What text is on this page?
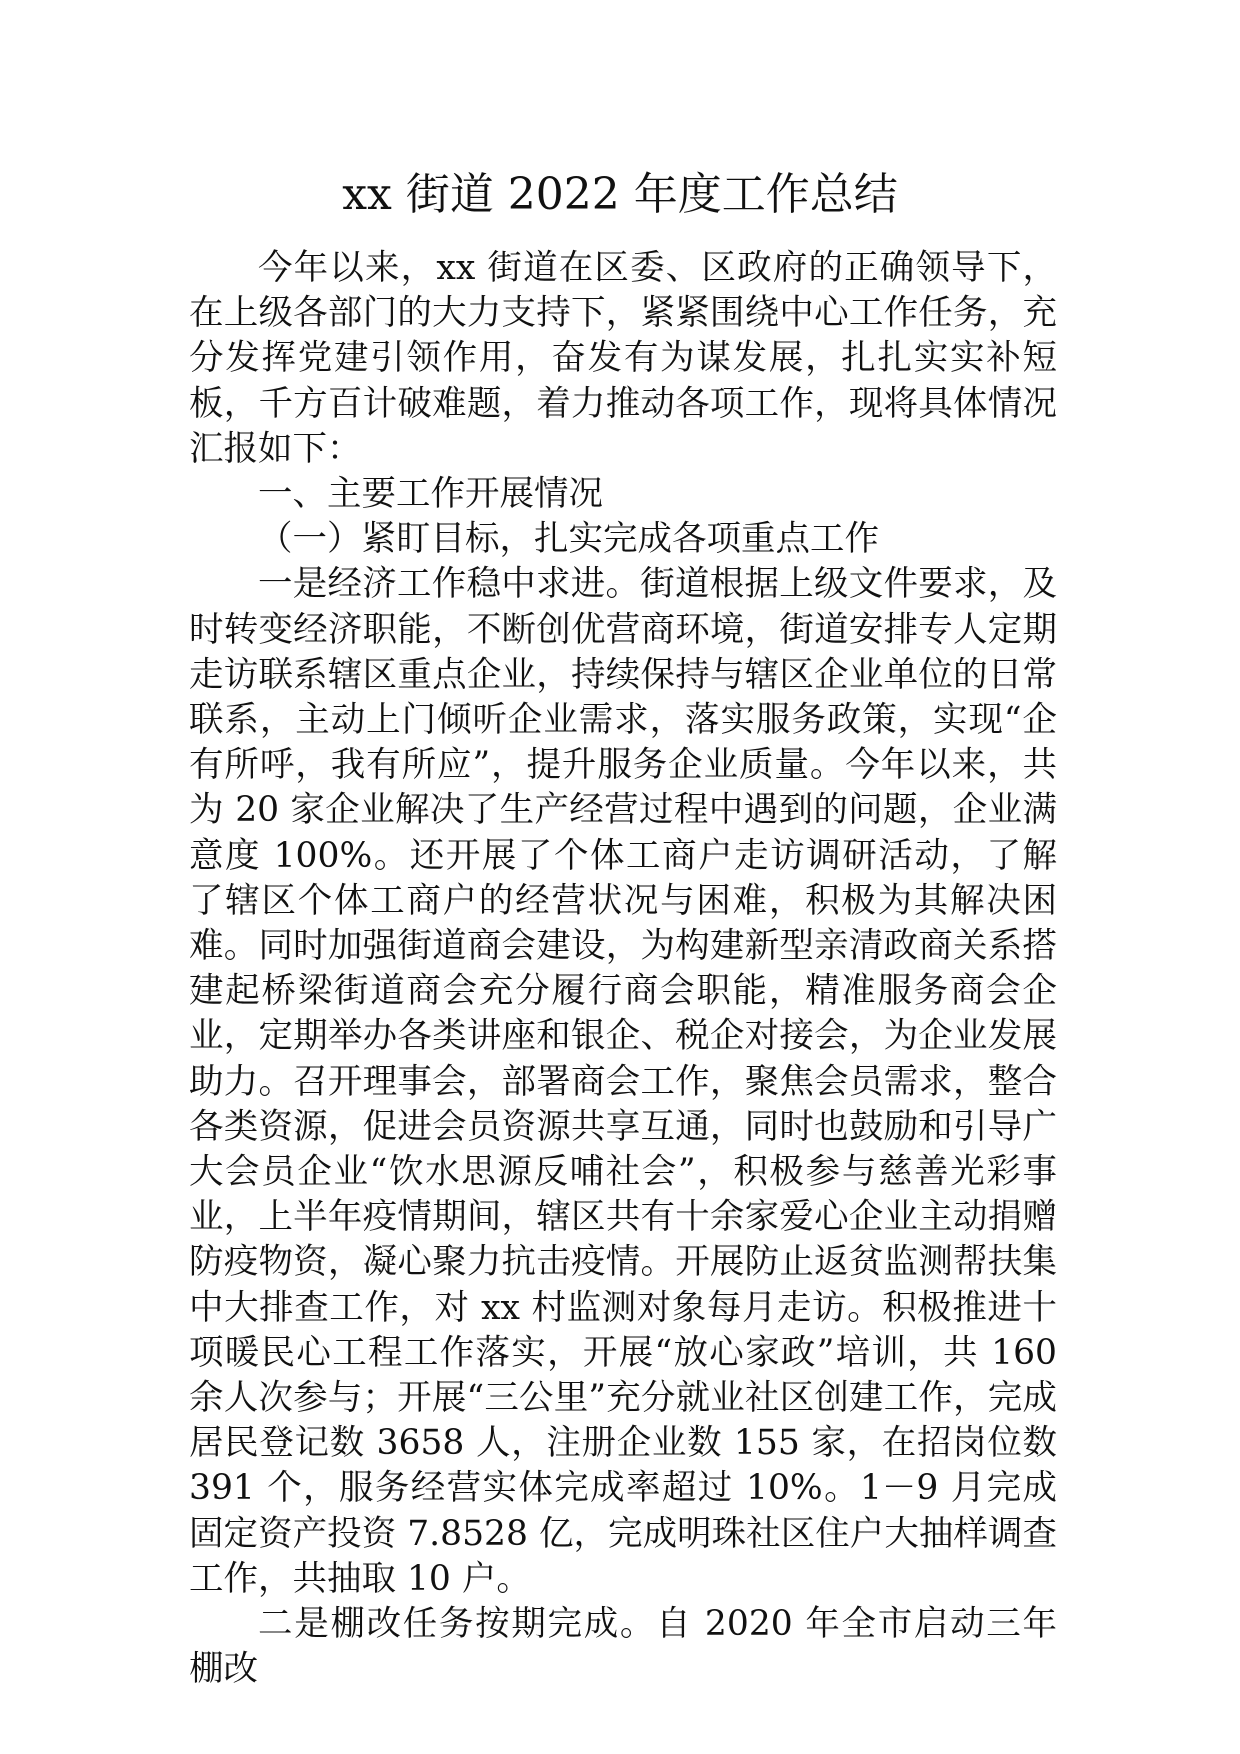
xx 街道 2022 年度工作总结

今年以来，xx 街道在区委、区政府的正确领导下，在上级各部门的大力支持下，紧紧围绕中心工作任务，充分发挥党建引领作用，奋发有为谋发展，扎扎实实补短板，千方百计破难题，着力推动各项工作，现将具体情况汇报如下：

一、主要工作开展情况

（一）紧盯目标，扎实完成各项重点工作

一是经济工作稳中求进。街道根据上级文件要求，及时转变经济职能，不断创优营商环境，街道安排专人定期走访联系辖区重点企业，持续保持与辖区企业单位的日常联系，主动上门倾听企业需求，落实服务政策，实现“企有所呼，我有所应”，提升服务企业质量。今年以来，共为 20 家企业解决了生产经营过程中遇到的问题，企业满意度 100%。还开展了个体工商户走访调研活动，了解了辖区个体工商户的经营状况与困难，积极为其解决困难。同时加强街道商会建设，为构建新型亲清政商关系搭建起桥梁街道商会充分履行商会职能，精准服务商会企业，定期举办各类讲座和银企、税企对接会，为企业发展助力。召开理事会，部署商会工作，聚焦会员需求，整合各类资源，促进会员资源共享互通，同时也鼓励和引导广大会员企业“饮水思源反哺社会”，积极参与慈善光彩事业，上半年疫情期间，辖区共有十余家爱心企业主动捐赠防疫物资，凝心聚力抗击疫情。开展防止返贫监测帮扶集中大排查工作，对 xx 村监测对象每月走访。积极推进十项暖民心工程工作落实，开展“放心家政”培训，共 160 余人次参与；开展“三公里”充分就业社区创建工作，完成居民登记数 3658 人，注册企业数 155 家，在招岗位数 391 个，服务经营实体完成率超过 10%。1－9 月完成固定资产投资 7.8528 亿，完成明珠社区住户大抽样调查工作，共抽取 10 户。

二是棚改任务按期完成。自 2020 年全市启动三年棚改
